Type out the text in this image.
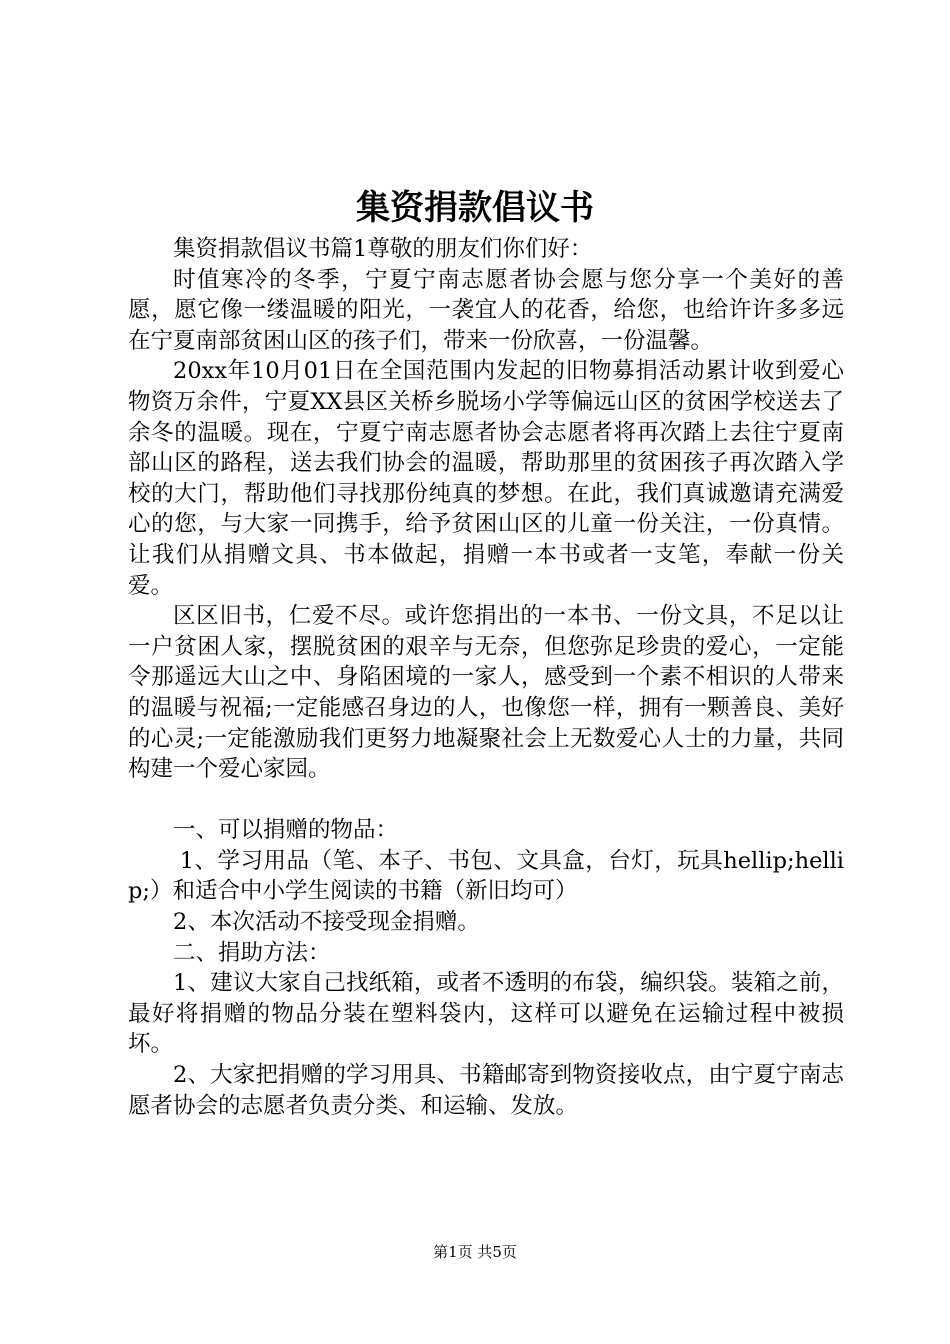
集资捐款倡议书

集资捐款倡议书篇1尊敬的朋友们你们好：

时值寒冷的冬季，宁夏宁南志愿者协会愿与您分享一个美好的善愿，愿它像一缕温暖的阳光，一袭宜人的花香，给您，也给许许多多远在宁夏南部贫困山区的孩子们，带来一份欣喜，一份温馨。

20xx年10月01日在全国范围内发起的旧物募捐活动累计收到爱心物资万余件，宁夏XX县区关桥乡脱场小学等偏远山区的贫困学校送去了余冬的温暖。现在，宁夏宁南志愿者协会志愿者将再次踏上去往宁夏南部山区的路程，送去我们协会的温暖，帮助那里的贫困孩子再次踏入学校的大门，帮助他们寻找那份纯真的梦想。在此，我们真诚邀请充满爱心的您，与大家一同携手，给予贫困山区的儿童一份关注，一份真情。让我们从捐赠文具、书本做起，捐赠一本书或者一支笔，奉献一份关爱。

区区旧书，仁爱不尽。或许您捐出的一本书、一份文具，不足以让一户贫困人家，摆脱贫困的艰辛与无奈，但您弥足珍贵的爱心，一定能令那遥远大山之中、身陷困境的一家人，感受到一个素不相识的人带来的温暖与祝福;一定能感召身边的人，也像您一样，拥有一颗善良、美好的心灵;一定能激励我们更努力地凝聚社会上无数爱心人士的力量，共同构建一个爱心家园。

一、可以捐赠的物品：

1、学习用品（笔、本子、书包、文具盒，台灯，玩具hellip;hellip;）和适合中小学生阅读的书籍（新旧均可）

2、本次活动不接受现金捐赠。

二、捐助方法：

1、建议大家自己找纸箱，或者不透明的布袋，编织袋。装箱之前，最好将捐赠的物品分装在塑料袋内，这样可以避免在运输过程中被损坏。

2、大家把捐赠的学习用具、书籍邮寄到物资接收点，由宁夏宁南志愿者协会的志愿者负责分类、和运输、发放。

第1页 共5页
